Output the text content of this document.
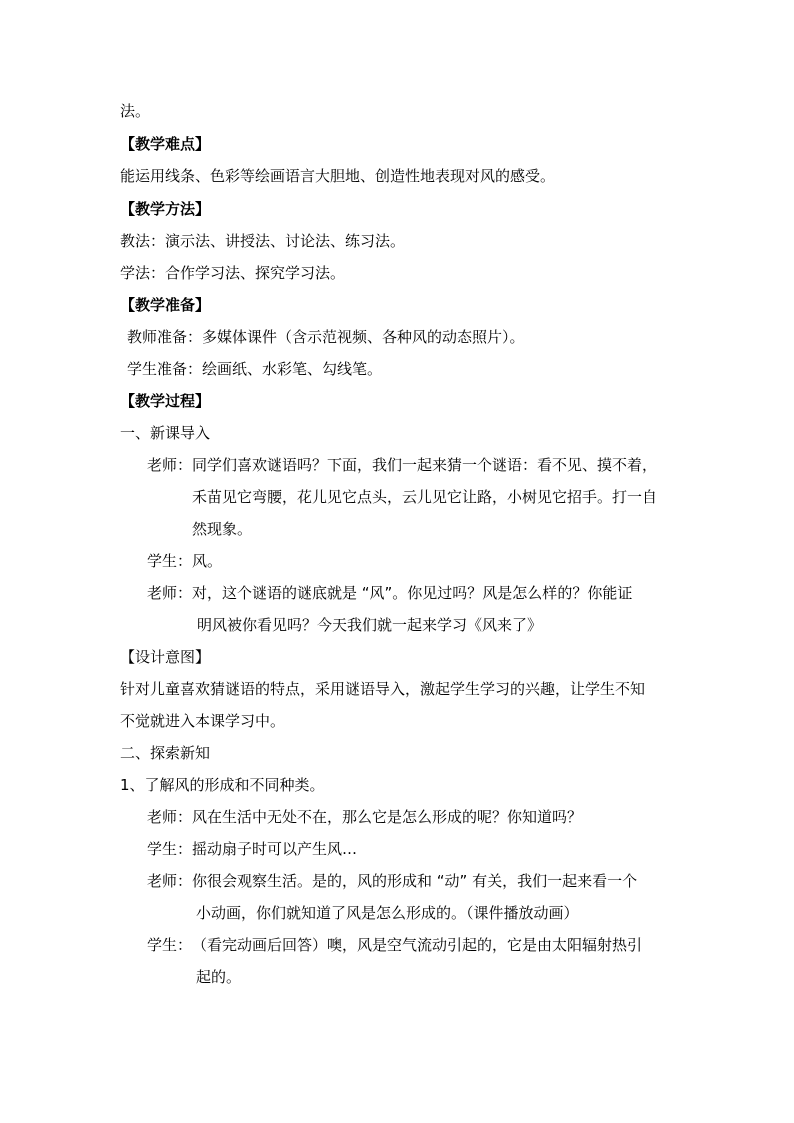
法。

【教学难点】

能运用线条、色彩等绘画语言大胆地、创造性地表现对风的感受。

【教学方法】

教法：演示法、讲授法、讨论法、练习法。

学法：合作学习法、探究学习法。

【教学准备】

教师准备：多媒体课件（含示范视频、各种风的动态照片）。

学生准备：绘画纸、水彩笔、勾线笔。

【教学过程】

一、新课导入

老师： 同学们喜欢谜语吗？下面，我们一起来猜一个谜语：看不见、摸不着，

禾苗见它弯腰，花儿见它点头，云儿见它让路，小树见它招手。打一自

然现象。

学生： 风。
老师： 对，这个谜语的谜底就是 “风”。你见过吗？风是怎么样的？你能证

明风被你看见吗？今天我们就一起来学习《风来了》

【设计意图】

针对儿童喜欢猜谜语的特点，采用谜语导入，激起学生学习的兴趣，让学生不知

不觉就进入本课学习中。

二、探索新知

1、了解风的形成和不同种类。

老师： 风在生活中无处不在，那么它是怎么形成的呢？你知道吗？
学生： 摇动扇子时可以产生风…
老师： 你很会观察生活。是的，风的形成和 “动” 有关，我们一起来看一个

小动画，你们就知道了风是怎么形成的。（课件播放动画）

学生： （看完动画后回答）噢，风是空气流动引起的，它是由太阳辐射热引

起的。
